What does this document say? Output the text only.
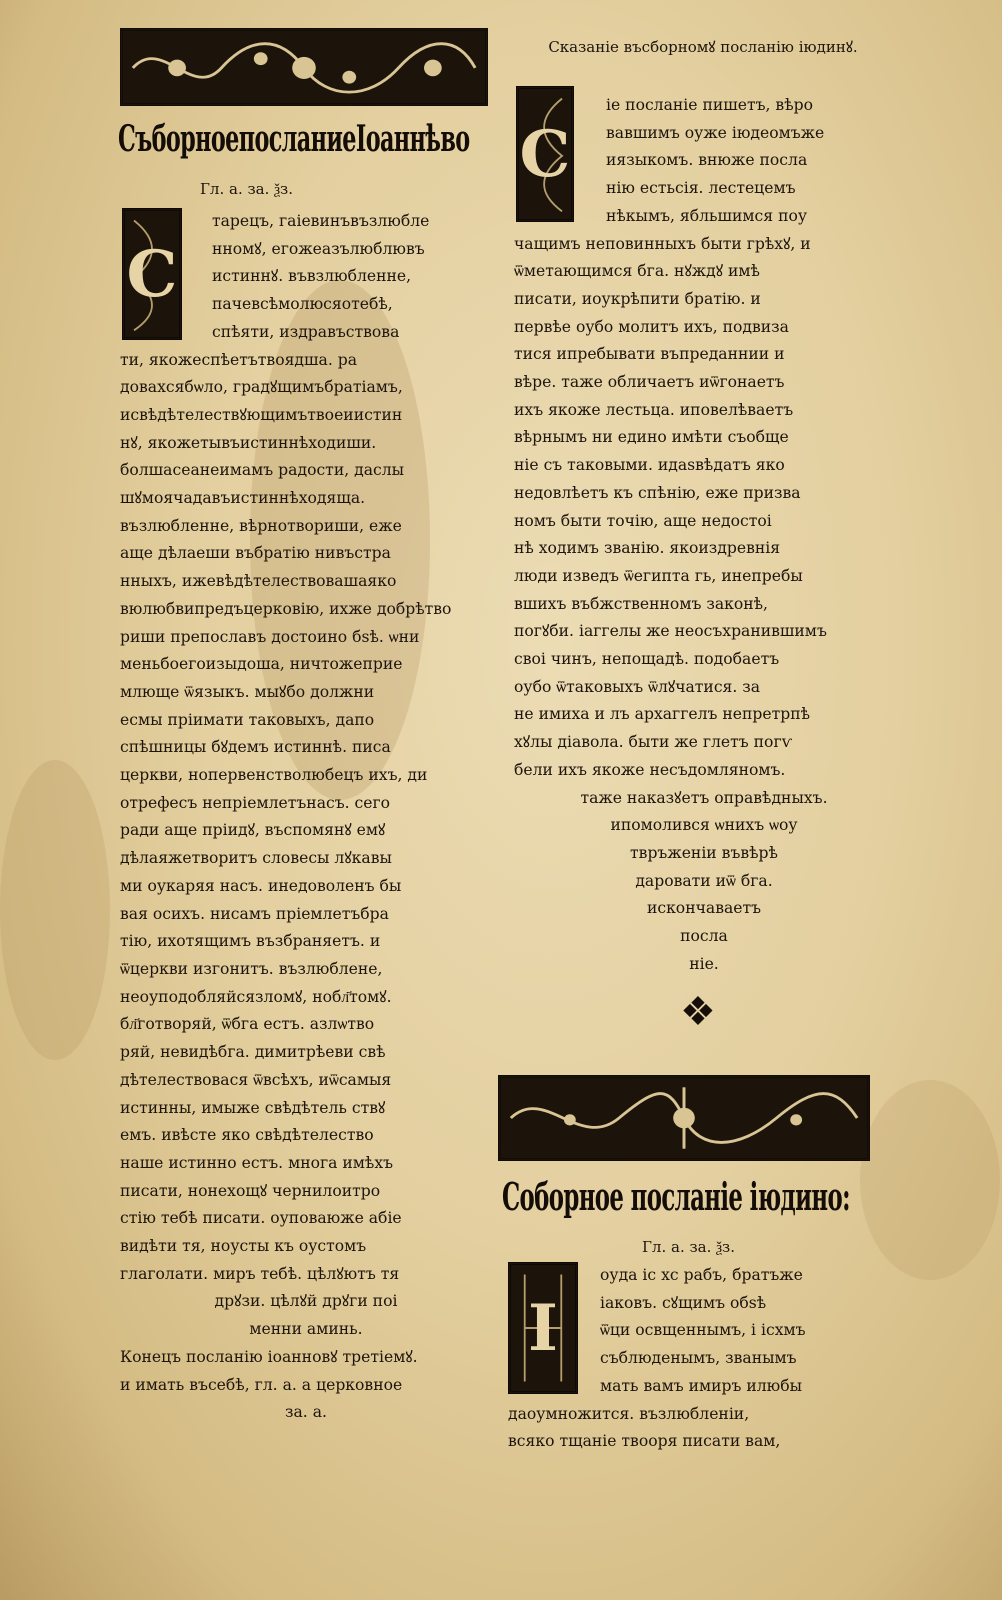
СъборноепосланиеІоаннѣво
Гл. а. за. ѯз.
С
тарецъ, гаіевинъвъзлюбле
нномꙋ, егожеазълюблювъ
истиннꙋ. въвзлюбленне,
пачевсѣмолюсяотебѣ,
спѣяти, издравъствова
ти, якожеспѣетътвоядша. ра
довахсябѡло, градꙋщимъбратіамъ,
исвѣдѣтелествꙋющимътвоеиистин
нꙋ, якожетывъистиннѣходиши.
болшасеанеимамъ радости, даслы
шꙋмоячадавъистиннѣходяща.
възлюбленне, вѣрнотвориши, еже
аще дѣлаеши въбратію нивъстра
нныхъ, ижевѣдѣтелествовашаяко
вюлюбвипредъцерковію, ихже добрѣтво
риши препославъ достоино бѕѣ. ѡни
меньбоегоизыдоша, ничтожеприе
млюще ѿязыкъ. мыꙋбо должни
есмы пріимати таковыхъ, дапо
спѣшницы бꙋдемъ истиннѣ. писа
церкви, нопервенстволюбецъ ихъ, ди
отрефесъ непріемлетънасъ. сего
ради аще пріидꙋ, въспомянꙋ емꙋ
дѣлаяжетворитъ словесы лꙋкавы
ми оукаряя насъ. инедоволенъ бы
вая осихъ. нисамъ пріемлетъбра
тію, ихотящимъ възбраняетъ. и
ѿцеркви изгонитъ. възлюблене,
неоуподобляйсязломꙋ, нобл҃томꙋ.
бл҃готворяй, ѿбга естъ. азлѡтво
ряй, невидѣбга. димитрѣеви свѣ
дѣтелествовася ѿвсѣхъ, иѿсамыя
истинны, имыже свѣдѣтель ствꙋ
емъ. ивѣсте яко свѣдѣтелество
наше истинно естъ. многа имѣхъ
писати, нонехощꙋ чернилоитро
стію тебѣ писати. оуповаюже абіе
видѣти тя, ноусты къ оустомъ
глаголати. миръ тебѣ. цѣлꙋютъ тя
дрꙋзи. цѣлꙋй дрꙋги поі
менни аминь.
Конецъ посланію іоанновꙋ третіемꙋ.
и имать въсебѣ, гл. а. а церковное
за. а.
Сказаніе въсборномꙋ посланію іюдинꙋ.
С
іе посланіе пишетъ, вѣро
вавшимъ оуже іюдеомъже
иязыкомъ. внюже посла
нію естьсія. лестецемъ
нѣкымъ, ябльшимся поу
чащимъ неповинныхъ быти грѣхꙋ, и
ѿметающимся бга. нꙋждꙋ имѣ
писати, иоукрѣпити братію. и
первѣе оубо молитъ ихъ, подвиза
тися ипребывати въпреданнии и
вѣре. таже обличаетъ иѿгонаетъ
ихъ якоже лестьца. иповелѣваетъ
вѣрнымъ ни едино имѣти съобще
ніе съ таковыми. идаѕвѣдатъ яко
недовлѣетъ къ спѣнію, еже призва
номъ быти точію, аще недостоі
нѣ ходимъ званію. якоиздревнія
люди изведъ ѿегипта гь, инепребы
вшихъ въбжственномъ законѣ,
погꙋби. іаггелы же неосъхранившимъ
своі чинъ, непощадѣ. подобаетъ
оубо ѿтаковыхъ ѿлꙋчатися. за
не имиха и лъ архаггелъ непретрпѣ
хꙋлы діавола. быти же глетъ погѵ
бели ихъ якоже несъдомляномъ.
таже наказꙋетъ оправѣдныхъ.
ипомолився ѡнихъ ѡоу
твръженіи въвѣрѣ
даровати иѿ бга.
иcкончаваетъ
посла
ніе.
❖
Соборное посланіе іюдино:
Гл. а. за. ѯз.
І
оуда іс хс рабъ, братъже
іаковъ. сꙋщимъ обѕѣ
ѿци освщеннымъ, і ісхмъ
съблюденымъ, званымъ
мать вамъ имиръ илюбы
даоумножится. възлюбленіи,
всяко тщаніе твооря писати вам,
